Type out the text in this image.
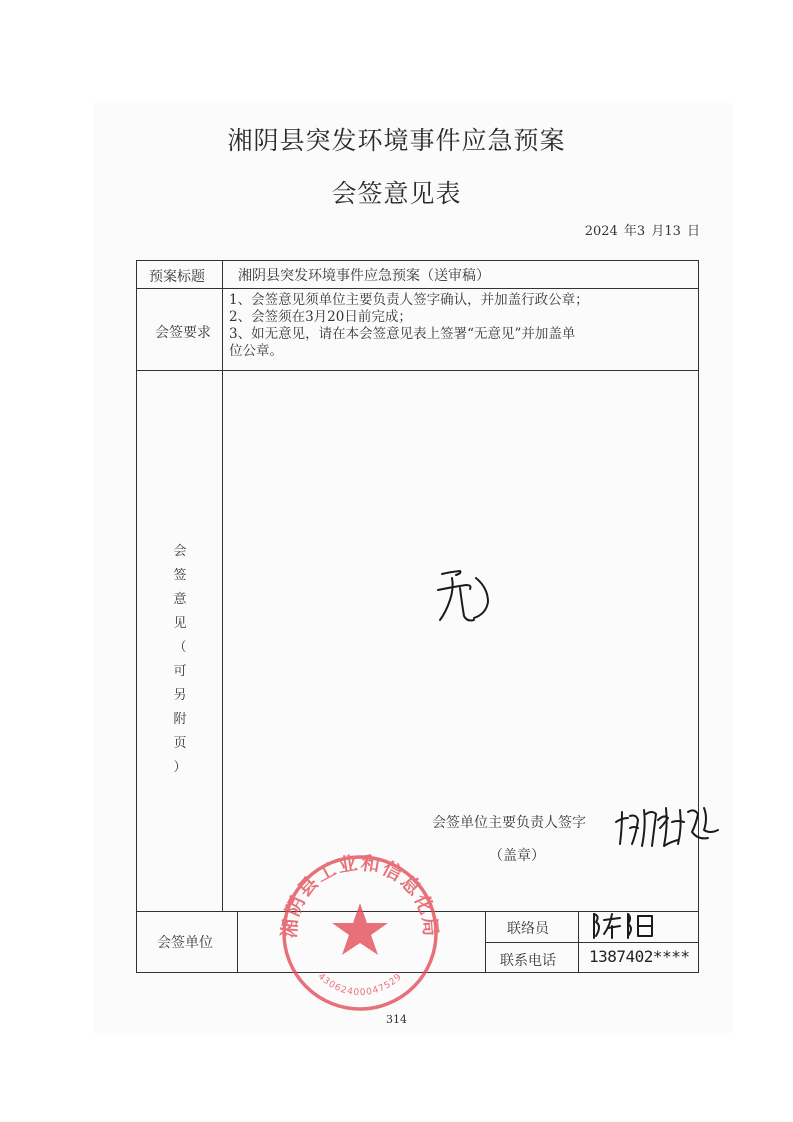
湘阴县突发环境事件应急预案
会签意见表
2024 年3 月13 日
预案标题 湘阴县突发环境事件应急预案（送审稿）
会签要求
1、会签意见须单位主要负责人签字确认，并加盖行政公章；
2、会签须在3月20日前完成；
3、如无意见，请在本会签意见表上签署“无意见”并加盖单
位公章。
会
签
意
见
（
可
另
附
页
）
会签单位主要负责人签字
（盖章）
会签单位
联络员
联系电话 1387402****
湘阴县工业和信息化局
43062400047529
314
